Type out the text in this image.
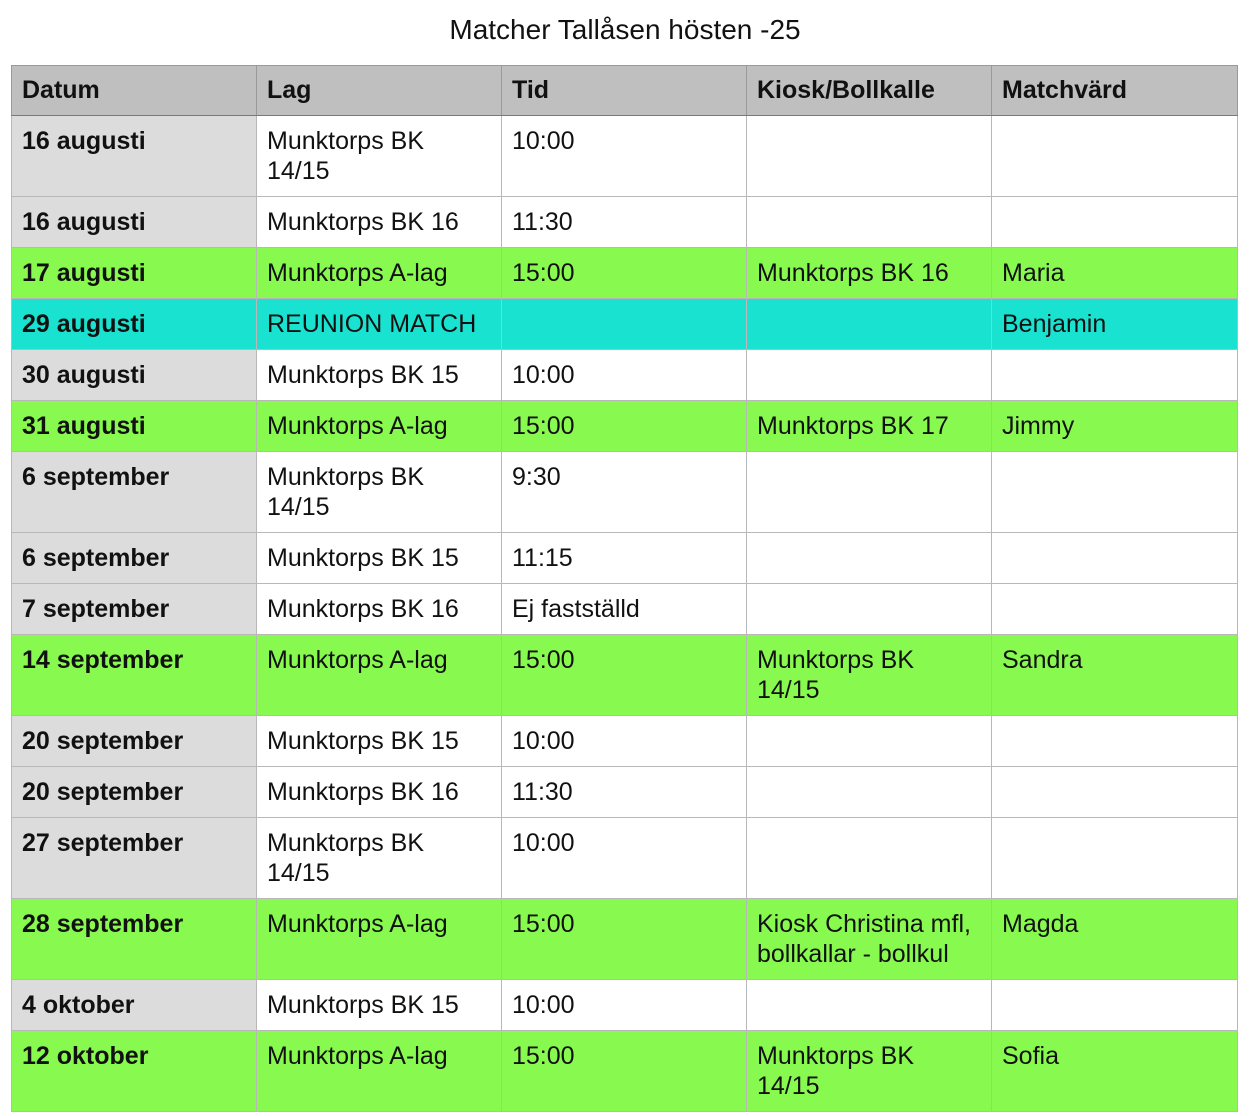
Matcher Tallåsen hösten -25
Datum	Lag	Tid	Kiosk/Bollkalle	Matchvärd
16 augusti	Munktorps BK 14/15	10:00		
16 augusti	Munktorps BK 16	11:30		
17 augusti	Munktorps A-lag	15:00	Munktorps BK 16	Maria
29 augusti	REUNION MATCH			Benjamin
30 augusti	Munktorps BK 15	10:00		
31 augusti	Munktorps A-lag	15:00	Munktorps BK 17	Jimmy
6 september	Munktorps BK 14/15	9:30		
6 september	Munktorps BK 15	11:15		
7 september	Munktorps BK 16	Ej fastställd		
14 september	Munktorps A-lag	15:00	Munktorps BK 14/15	Sandra
20 september	Munktorps BK 15	10:00		
20 september	Munktorps BK 16	11:30		
27 september	Munktorps BK 14/15	10:00		
28 september	Munktorps A-lag	15:00	Kiosk Christina mfl, bollkallar - bollkul	Magda
4 oktober	Munktorps BK 15	10:00		
12 oktober	Munktorps A-lag	15:00	Munktorps BK 14/15	Sofia
